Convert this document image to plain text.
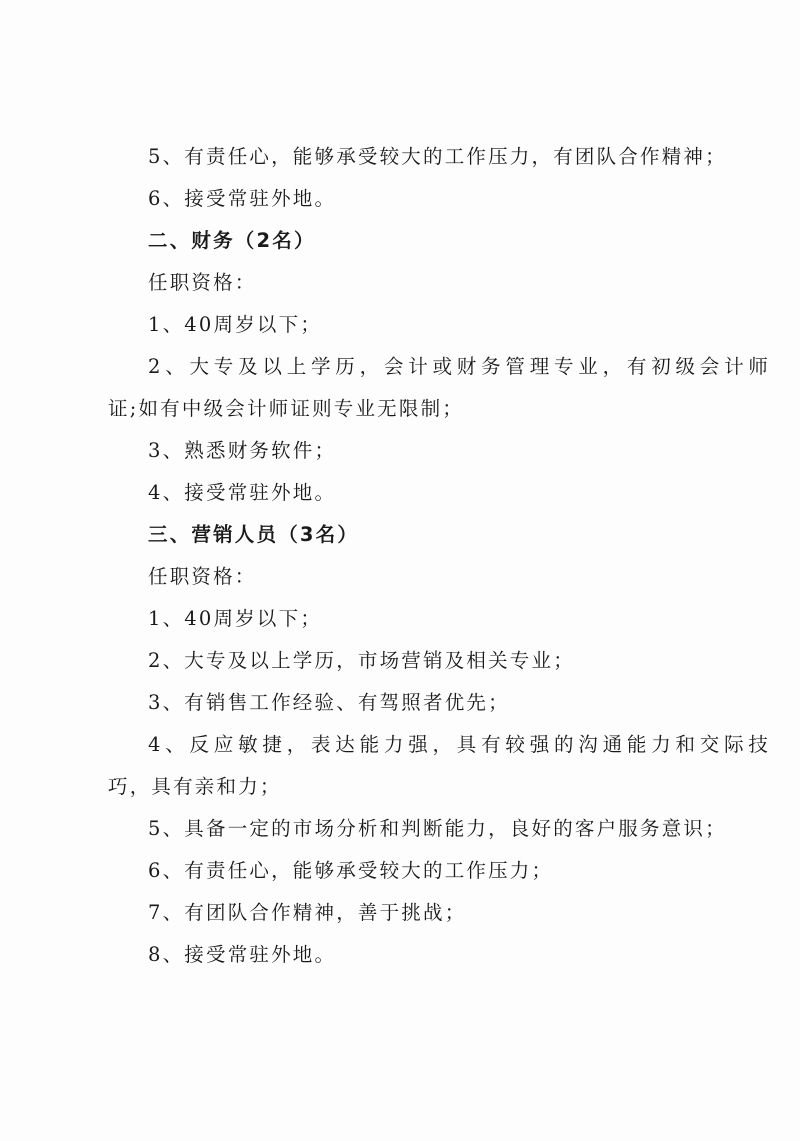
5、有责任心，能够承受较大的工作压力，有团队合作精神；
6、接受常驻外地。
二、财务（2名）
任职资格：
1、40周岁以下；
2、大专及以上学历，会计或财务管理专业，有初级会计师
证;如有中级会计师证则专业无限制；
3、熟悉财务软件；
4、接受常驻外地。
三、营销人员（3名）
任职资格：
1、40周岁以下；
2、大专及以上学历，市场营销及相关专业；
3、有销售工作经验、有驾照者优先；
4、反应敏捷，表达能力强，具有较强的沟通能力和交际技
巧，具有亲和力；
5、具备一定的市场分析和判断能力，良好的客户服务意识；
6、有责任心，能够承受较大的工作压力；
7、有团队合作精神，善于挑战；
8、接受常驻外地。
